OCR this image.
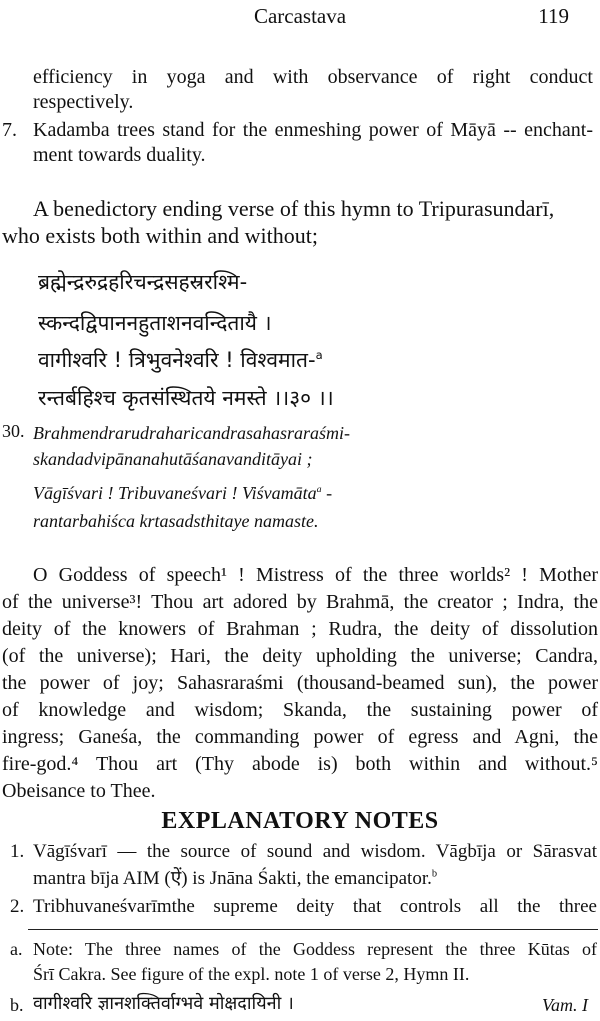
Carcastava	119
efficiency in yoga and with observance of right conduct
respectively.
7. Kadamba trees stand for the enmeshing power of Māyā -- enchant-
ment towards duality.
A benedictory ending verse of this hymn to Tripurasundarī,
who exists both within and without;
ब्रह्मेन्द्ररुद्रहरिचन्द्रसहस्ररश्मि-
स्कन्दद्विपाननहुताशनवन्दितायै ।
वागीश्वरि ! त्रिभुवनेश्वरि ! विश्वमात-$^a$
रन्तर्बहिश्च कृतसंस्थितये नमस्ते ।।३० ।।
30. Brahmendrarudraharicandrasahasraraśmi-
skandadvipānanahutāśanavanditāyai ;
Vāgīśvari ! Tribuvaneśvari ! Viśvamāta$^a$ -
rantarbahiśca krtasadsthitaye namaste.
O Goddess of speech¹ ! Mistress of the three worlds² ! Mother
of the universe³! Thou art adored by Brahmā, the creator ; Indra, the
deity of the knowers of Brahman ; Rudra, the deity of dissolution
(of the universe); Hari, the deity upholding the universe; Candra,
the power of joy; Sahasraraśmi (thousand-beamed sun), the power
of knowledge and wisdom; Skanda, the sustaining power of
ingress; Ganeśa, the commanding power of egress and Agni, the
fire-god.⁴ Thou art (Thy abode is) both within and without.⁵
Obeisance to Thee.
EXPLANATORY NOTES
1. Vāgīśvarī — the source of sound and wisdom. Vāgbīja or Sārasvat
mantra bīja AIM (ऐं) is Jnāna Śakti, the emancipator.$^b$
2. Tribhuvaneśvarīmthe supreme deity that controls all the three
a. Note: The three names of the Goddess represent the three Kūtas of
Śrī Cakra. See figure of the expl. note 1 of verse 2, Hymn II.
b. वागीश्वरि ज्ञानशक्तिर्वाग्भवे मोक्षदायिनी ।	Vam. I
